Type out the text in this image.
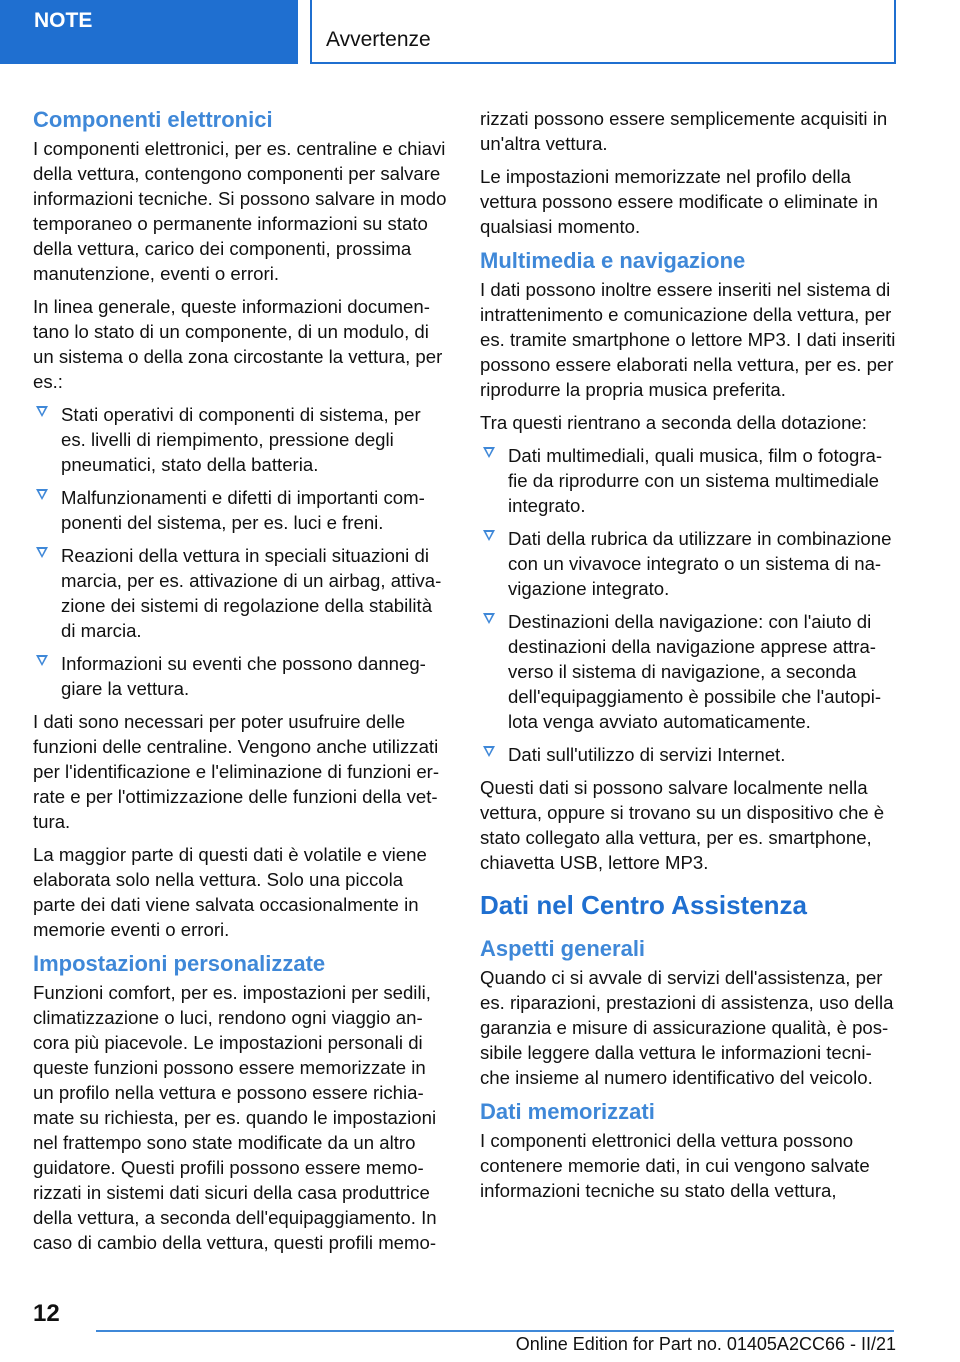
NOTE
Avvertenze
Componenti elettronici

I componenti elettronici, per es. centraline e chiavi della vettura, contengono componenti per salvare informazioni tecniche. Si possono salvare in modo temporaneo o permanente informazioni su stato della vettura, carico dei componenti, prossima manutenzione, eventi o errori.

In linea generale, queste informazioni documen-tano lo stato di un componente, di un modulo, di un sistema o della zona circostante la vettura, per es.:

Stati operativi di componenti di sistema, per es. livelli di riempimento, pressione degli pneumatici, stato della batteria.
Malfunzionamenti e difetti di importanti com-ponenti del sistema, per es. luci e freni.
Reazioni della vettura in speciali situazioni di marcia, per es. attivazione di un airbag, attiva-zione dei sistemi di regolazione della stabilità di marcia.
Informazioni su eventi che possono danneg-giare la vettura.

I dati sono necessari per poter usufruire delle funzioni delle centraline. Vengono anche utilizzati per l'identificazione e l'eliminazione di funzioni er-rate e per l'ottimizzazione delle funzioni della vet-tura.

La maggior parte di questi dati è volatile e viene elaborata solo nella vettura. Solo una piccola parte dei dati viene salvata occasionalmente in memorie eventi o errori.

Impostazioni personalizzate

Funzioni comfort, per es. impostazioni per sedili, climatizzazione o luci, rendono ogni viaggio an-cora più piacevole. Le impostazioni personali di queste funzioni possono essere memorizzate in un profilo nella vettura e possono essere richia-mate su richiesta, per es. quando le impostazioni nel frattempo sono state modificate da un altro guidatore. Questi profili possono essere memo-rizzati in sistemi dati sicuri della casa produttrice della vettura, a seconda dell'equipaggiamento. In caso di cambio della vettura, questi profili memo-

rizzati possono essere semplicemente acquisiti in un'altra vettura.

Le impostazioni memorizzate nel profilo della vettura possono essere modificate o eliminate in qualsiasi momento.

Multimedia e navigazione

I dati possono inoltre essere inseriti nel sistema di intrattenimento e comunicazione della vettura, per es. tramite smartphone o lettore MP3. I dati inseriti possono essere elaborati nella vettura, per es. per riprodurre la propria musica preferita.

Tra questi rientrano a seconda della dotazione:

Dati multimediali, quali musica, film o fotogra-fie da riprodurre con un sistema multimediale integrato.
Dati della rubrica da utilizzare in combinazione con un vivavoce integrato o un sistema di na-vigazione integrato.
Destinazioni della navigazione: con l'aiuto di destinazioni della navigazione apprese attra-verso il sistema di navigazione, a seconda dell'equipaggiamento è possibile che l'autopi-lota venga avviato automaticamente.
Dati sull'utilizzo di servizi Internet.

Questi dati si possono salvare localmente nella vettura, oppure si trovano su un dispositivo che è stato collegato alla vettura, per es. smartphone, chiavetta USB, lettore MP3.

Dati nel Centro Assistenza
Aspetti generali

Quando ci si avvale di servizi dell'assistenza, per es. riparazioni, prestazioni di assistenza, uso della garanzia e misure di assicurazione qualità, è pos-sibile leggere dalla vettura le informazioni tecni-che insieme al numero identificativo del veicolo.

Dati memorizzati

I componenti elettronici della vettura possono contenere memorie dati, in cui vengono salvate informazioni tecniche su stato della vettura,

12
Online Edition for Part no. 01405A2CC66 - II/21
